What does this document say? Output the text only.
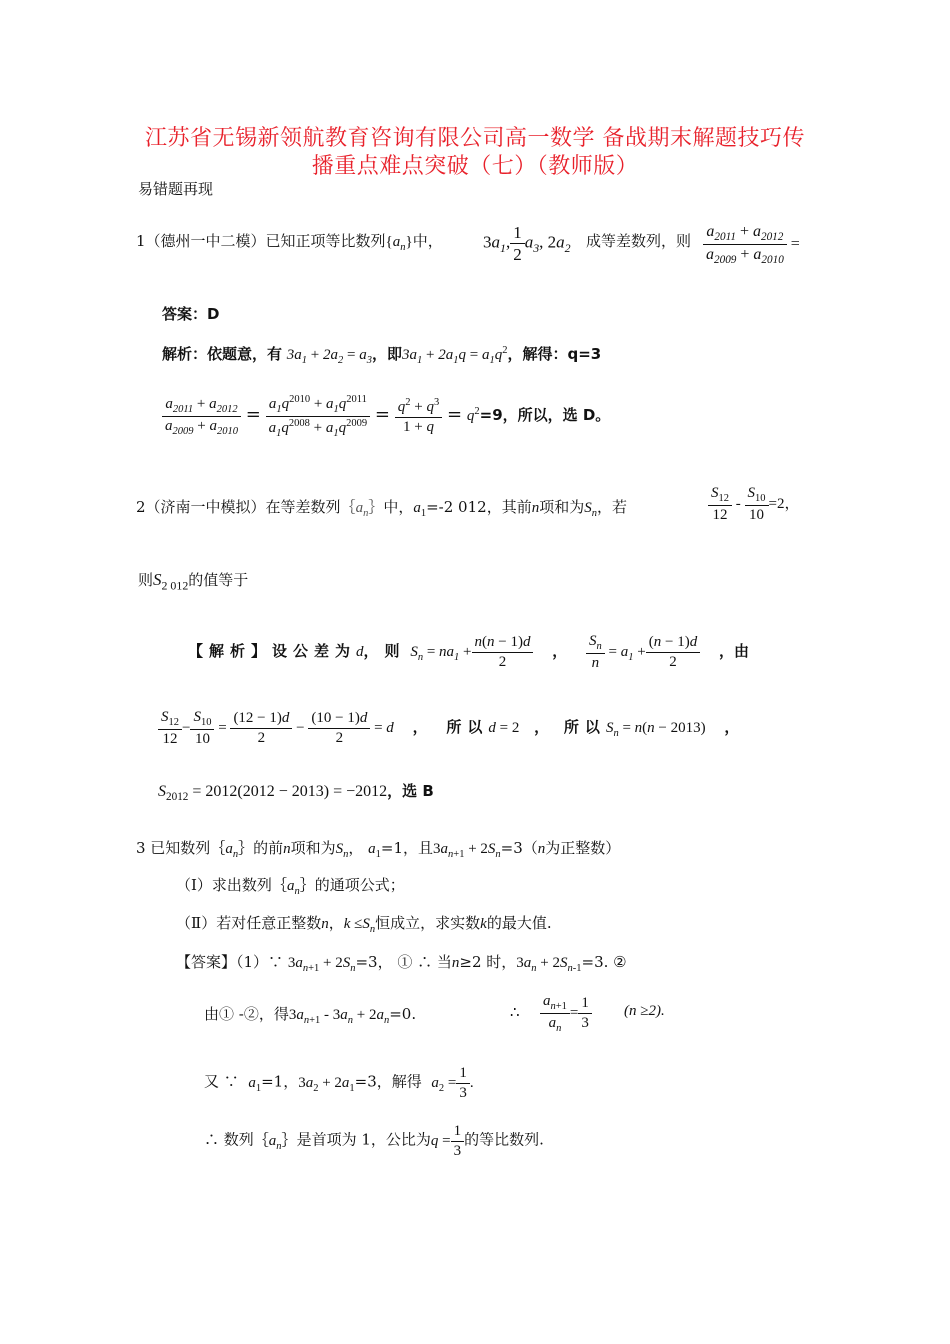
江苏省无锡新领航教育咨询有限公司高一数学 备战期末解题技巧传
播重点难点突破（七）（教师版）
易错题再现
1（德州一中二模）已知正项等比数列$\{a_n\}$中， $3a_1$, $\frac{1}{2} a_3$, $2a_2$ 成等差数列，则 $\frac{a_{2011} + a_{2012}}{a_{2009} + a_{2010}}$ =
答案：D
解析：依题意，有 $3a_1 + 2a_2 = a_3$，即$3a_1 + 2a_1q = a_1q^2$，解得：q=3
$\frac{a_{2011} + a_{2012}}{a_{2009} + a_{2010}} = \frac{a_1q^{2010} + a_1q^{2011}}{a_1q^{2008} + a_1q^{2009}} = \frac{q^2 + q^3}{1 + q} = q^2=9$，所以，选 D。
2（济南一中模拟）在等差数列$\{a_n\}$中，$a_1=-2$ 012，其前n项和为$S_n$，若	$\frac{S_{12}}{12} - \frac{S_{10}}{10} =2$，
则$S_{2 012}$的值等于
【解析】设公差为d，则 $S_n = na_1 + \frac{n(n - 1)d}{2}$ ， $\frac{S_n}{n} = a_1 + \frac{(n - 1)d}{2}$ ，由
$\frac{S_{12}}{12} - \frac{S_{10}}{10} = \frac{(12 - 1)d}{2} - \frac{(10 - 1)d}{2} = d$ ， 所以d = 2 ， 所以$S_n = n(n - 2013)$ ，
$S_{2012} = 2012(2012 - 2013) = -2012$，选 B
3 已知数列$\{a_n\}$的前n项和为$S_n$， $a_1=1$，且$3a_{n+1} + 2S_n=3(n$为正整数）
（Ⅰ）求出数列$\{a_n\}$的通项公式；
（Ⅱ）若对任意正整数n，$k \le S_n$恒成立，求实数k的最大值.
【答案】（1）∵ $3a_{n+1} + 2S_n=3$， ① ∴ 当n≥2 时，$3a_n + 2S_{n-1}=3$. ②
由① -②，得$3a_{n+1} - 3a_n + 2a_n=0$.	∴ $\frac{a_{n+1}}{a_n} = \frac{1}{3} (n \ge 2)$.
又 ∵ $a_1=1$，$3a_2 + 2a_1=3$，解得 $a_2 = \frac{1}{3}$ .
∴ 数列$\{a_n\}$是首项为 1，公比为$q = \frac{1}{3}$ 的等比数列.
